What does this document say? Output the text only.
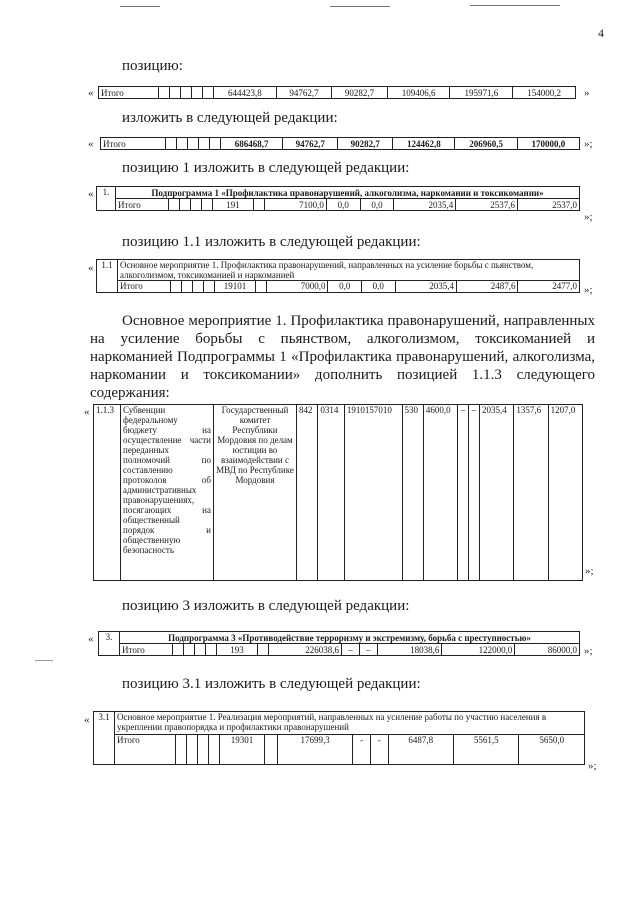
4
позицию:
« Итого						644423,8	94762,7	90282,7	109406,6	195971,6	154000,2 »
изложить в следующей редакции:
« Итого						686468,7	94762,7	90282,7	124462,8	206960,5	170000,0 »;
позицию 1 изложить в следующей редакции:
« 1.	Подпрограмма 1 «Профилактика правонарушений, алкоголизма, наркомании и токсикомании»												
	Итого					191		7100,0	0,0	0,0	2035,4	2537,6	2537,0
»;
позицию 1.1 изложить в следующей редакции:
« 1.1	Основное мероприятие 1. Профилактика правонарушений, направленных на усиление борьбы с пьянством, алкоголизмом, токсикоманией и наркоманией												
	Итого					19101		7000,0	0,0	0,0	2035,4	2487,6	2477,0 »;
Основное мероприятие 1. Профилактика правонарушений, направленных на усиление борьбы с пьянством, алкоголизмом, токсикоманией и наркоманией Подпрограммы 1 «Профилактика правонарушений, алкоголизма, наркомании и токсикомании» дополнить позицией 1.1.3 следующего содержания:
« 1.1.3	Субвенции федеральному бюджету на осуществление части переданных полномочий по составлению протоколов об административных правонарушениях, посягающих на общественный порядок и общественную безопасность	Государственный комитет Республики Мордовия по делам юстиции во взаимодействии с МВД по Республике Мордовия	842	0314	1910157010	530	4600,0	–	–	2035,4	1357,6	1207,0
»;
позицию 3 изложить в следующей редакции:
« 3.	Подпрограмма 3 «Противодействие терроризму и экстремизму, борьба с преступностью»												
	Итого					193		226038,6	–	–	18038,6	122000,0	86000,0 »;
позицию 3.1 изложить в следующей редакции:
« 3.1	Основное мероприятие 1. Реализация мероприятий, направленных на усиление работы по участию населения в укреплении правопорядка и профилактики правонарушений												
	Итого					19301		17699,3	-	-	6487,8	5561,5	5650,0
»;
